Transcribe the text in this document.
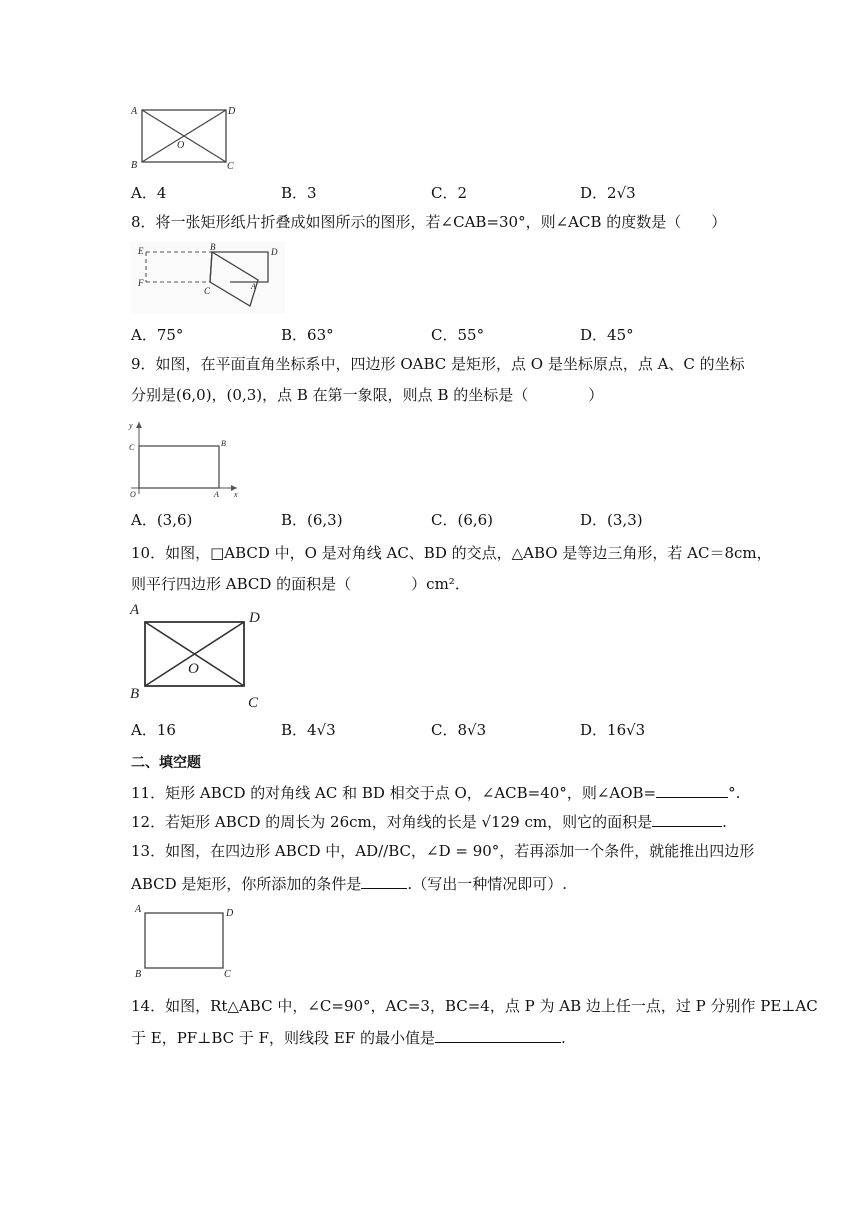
A	D
B	C
O
A．4	B．3	C．2	D．2√3
8．将一张矩形纸片折叠成如图所示的图形，若∠CAB=30°，则∠ACB 的度数是（　　）
E	B	D
F
C	A
A．75°	B．63°	C．55°	D．45°
9．如图，在平面直角坐标系中，四边形 OABC 是矩形，点 O 是坐标原点，点 A、C 的坐标
分别是(6,0)，(0,3)，点 B 在第一象限，则点 B 的坐标是（　　　　）
y
C	B
O	A x
A．(3,6)	B．(6,3)	C．(6,6)	D．(3,3)
10．如图，□ABCD 中，O 是对角线 AC、BD 的交点，△ABO 是等边三角形，若 AC＝8cm，
则平行四边形 ABCD 的面积是（　　　　）cm²．
A	D
O
B
C
A．16	B．4√3	C．8√3	D．16√3
二、填空题
11．矩形 ABCD 的对角线 AC 和 BD 相交于点 O，∠ACB=40°，则∠AOB=	°.
12．若矩形 ABCD 的周长为 26cm，对角线的长是 √129 cm，则它的面积是	.
13．如图，在四边形 ABCD 中，AD//BC，∠D = 90°，若再添加一个条件，就能推出四边形
ABCD 是矩形，你所添加的条件是	.（写出一种情况即可）.
A	D
B	C
14．如图，Rt△ABC 中，∠C=90°，AC=3，BC=4，点 P 为 AB 边上任一点，过 P 分别作 PE⊥AC
于 E，PF⊥BC 于 F，则线段 EF 的最小值是	.
